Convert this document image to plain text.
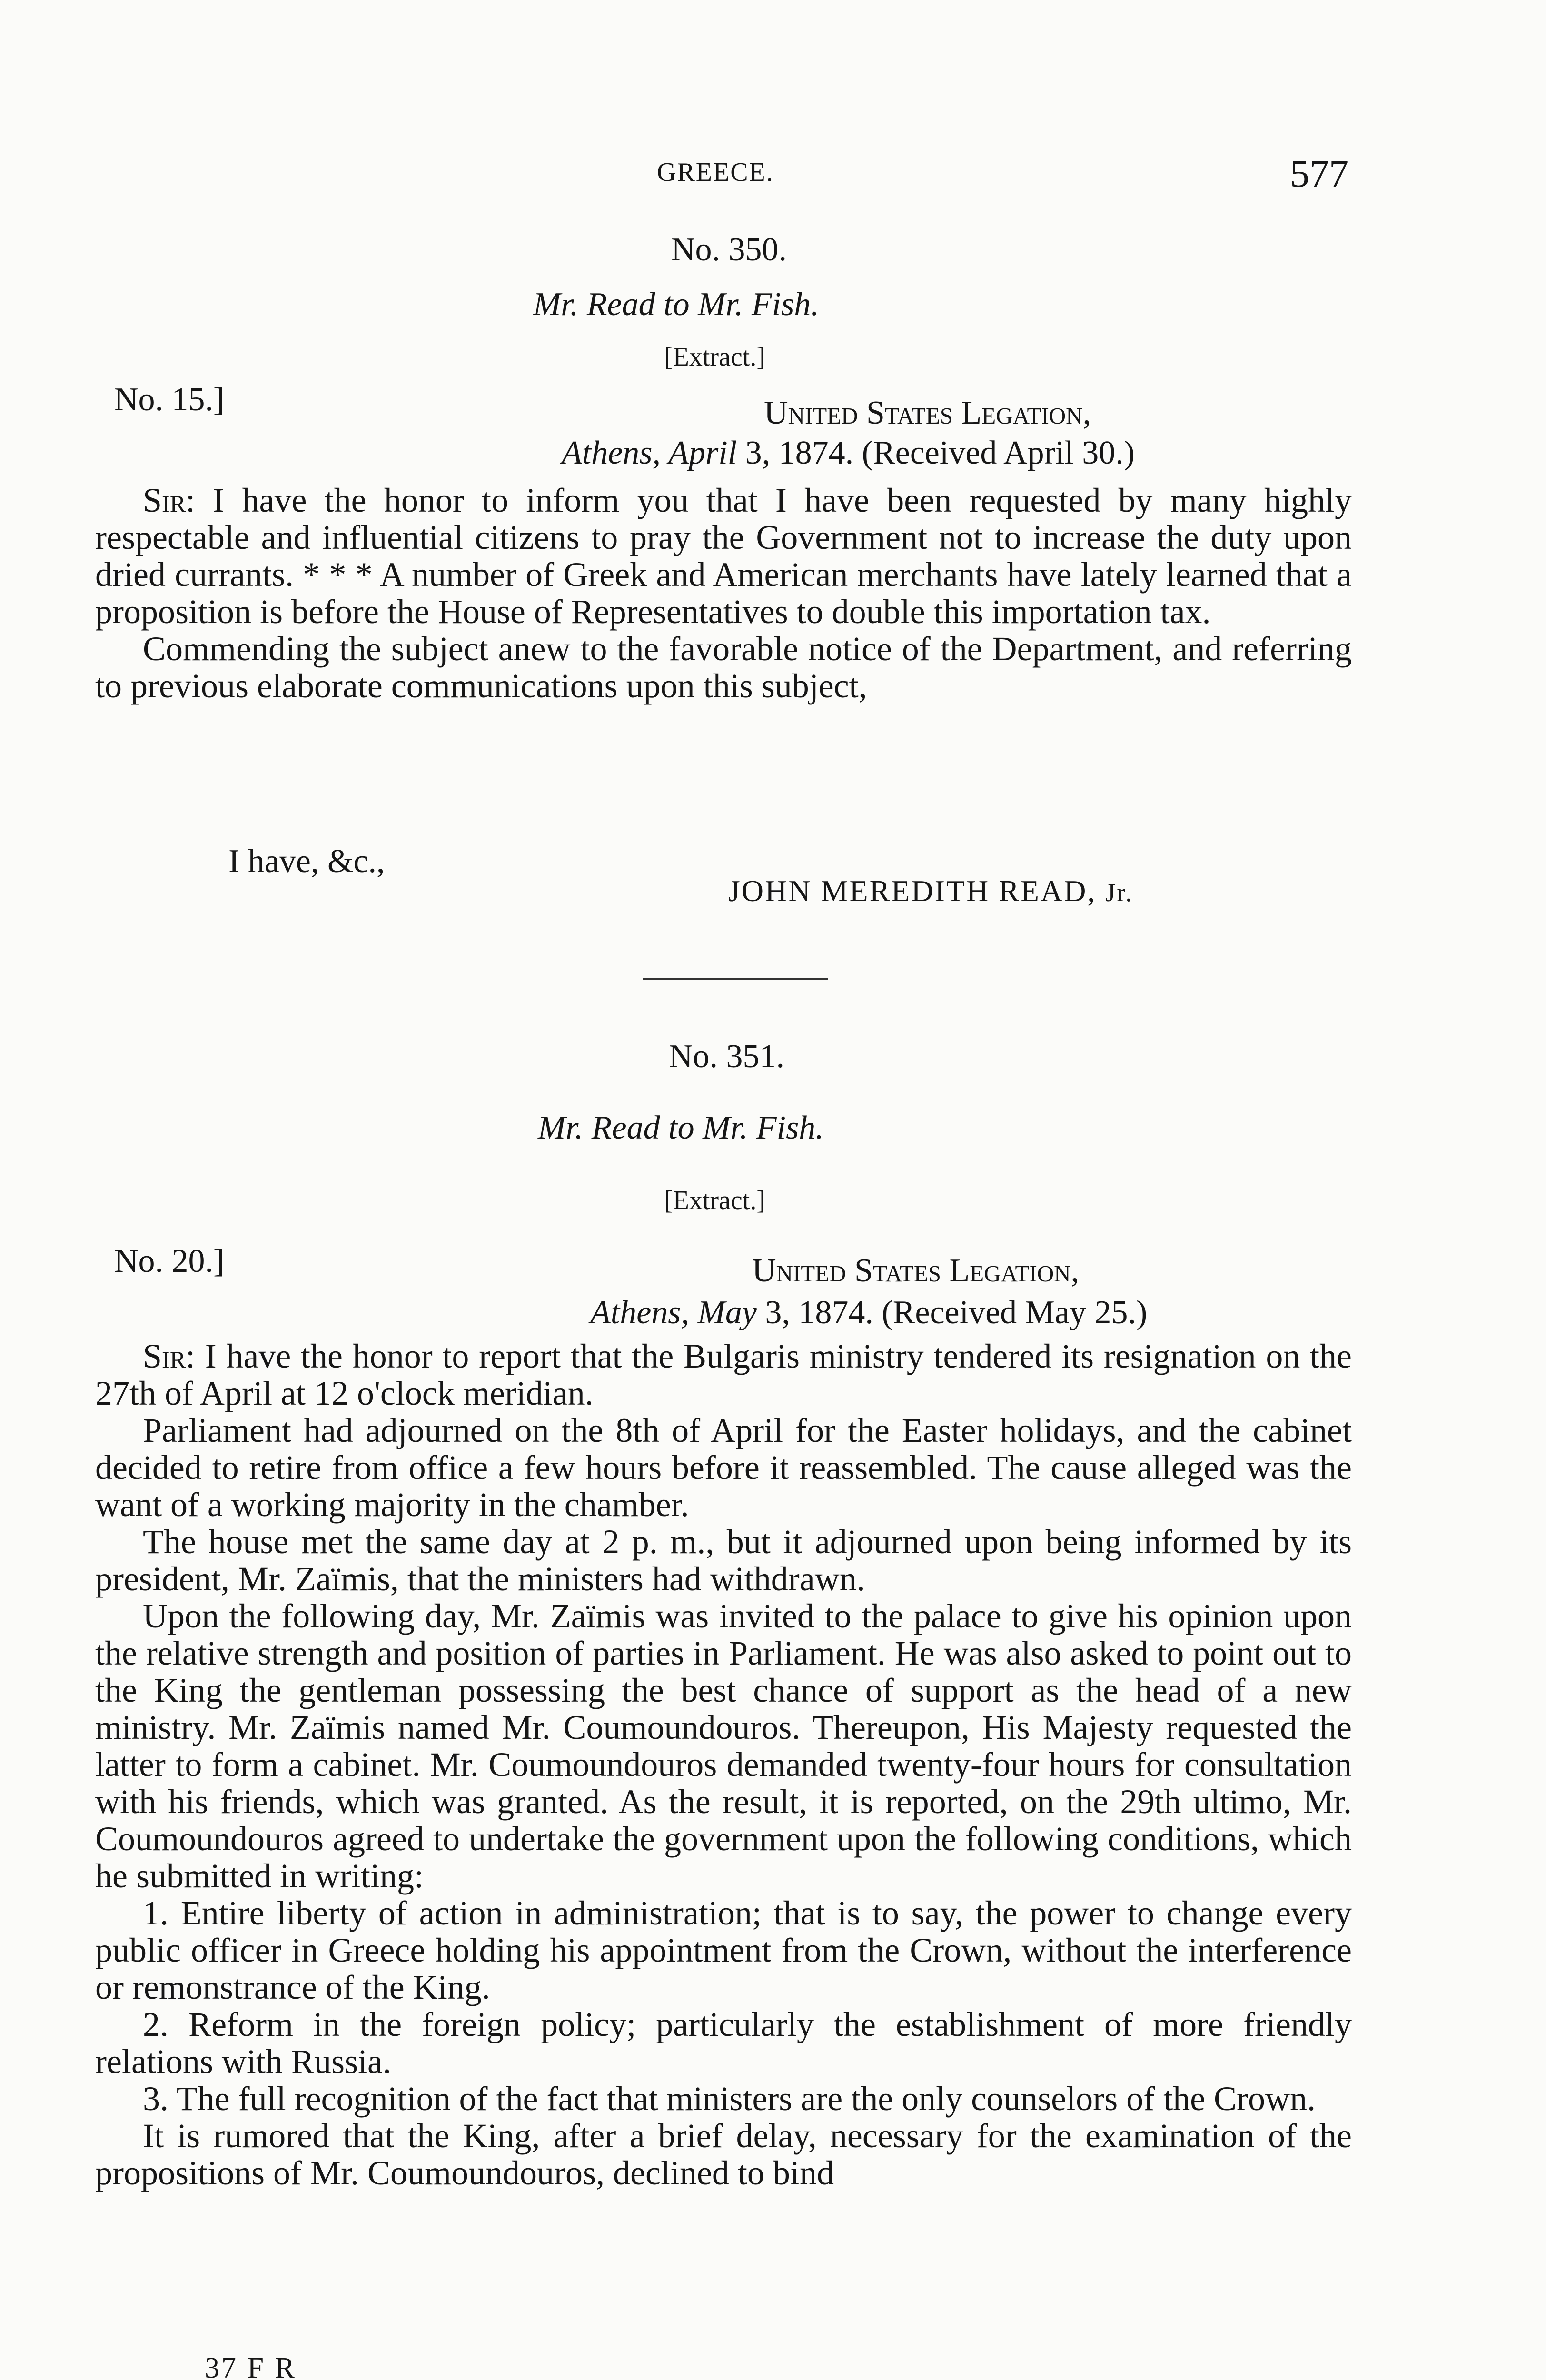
GREECE.	577
No. 350.
Mr. Read to Mr. Fish.
[Extract.]
No. 15.]	United States Legation,
Athens, April 3, 1874. (Received April 30.)

Sir: I have the honor to inform you that I have been requested by many highly respectable and influential citizens to pray the Government not to increase the duty upon dried currants. * * * A number of Greek and American merchants have lately learned that a proposition is before the House of Representatives to double this importation tax.

Commending the subject anew to the favorable notice of the Department, and referring to previous elaborate communications upon this subject,

I have, &c.,
JOHN MEREDITH READ, Jr.
No. 351.
Mr. Read to Mr. Fish.
[Extract.]
No. 20.]	United States Legation,
Athens, May 3, 1874. (Received May 25.)

Sir: I have the honor to report that the Bulgaris ministry tendered its resignation on the 27th of April at 12 o'clock meridian.

Parliament had adjourned on the 8th of April for the Easter holidays, and the cabinet decided to retire from office a few hours before it reassembled. The cause alleged was the want of a working majority in the chamber.

The house met the same day at 2 p. m., but it adjourned upon being informed by its president, Mr. Zaïmis, that the ministers had withdrawn.

Upon the following day, Mr. Zaïmis was invited to the palace to give his opinion upon the relative strength and position of parties in Parliament. He was also asked to point out to the King the gentleman possessing the best chance of support as the head of a new ministry. Mr. Zaïmis named Mr. Coumoundouros. Thereupon, His Majesty requested the latter to form a cabinet. Mr. Coumoundouros demanded twenty-four hours for consultation with his friends, which was granted. As the result, it is reported, on the 29th ultimo, Mr. Coumoundouros agreed to undertake the government upon the following conditions, which he submitted in writing:

1. Entire liberty of action in administration; that is to say, the power to change every public officer in Greece holding his appointment from the Crown, without the interference or remonstrance of the King.

2. Reform in the foreign policy; particularly the establishment of more friendly relations with Russia.

3. The full recognition of the fact that ministers are the only counselors of the Crown.

It is rumored that the King, after a brief delay, necessary for the examination of the propositions of Mr. Coumoundouros, declined to bind

37 F R
